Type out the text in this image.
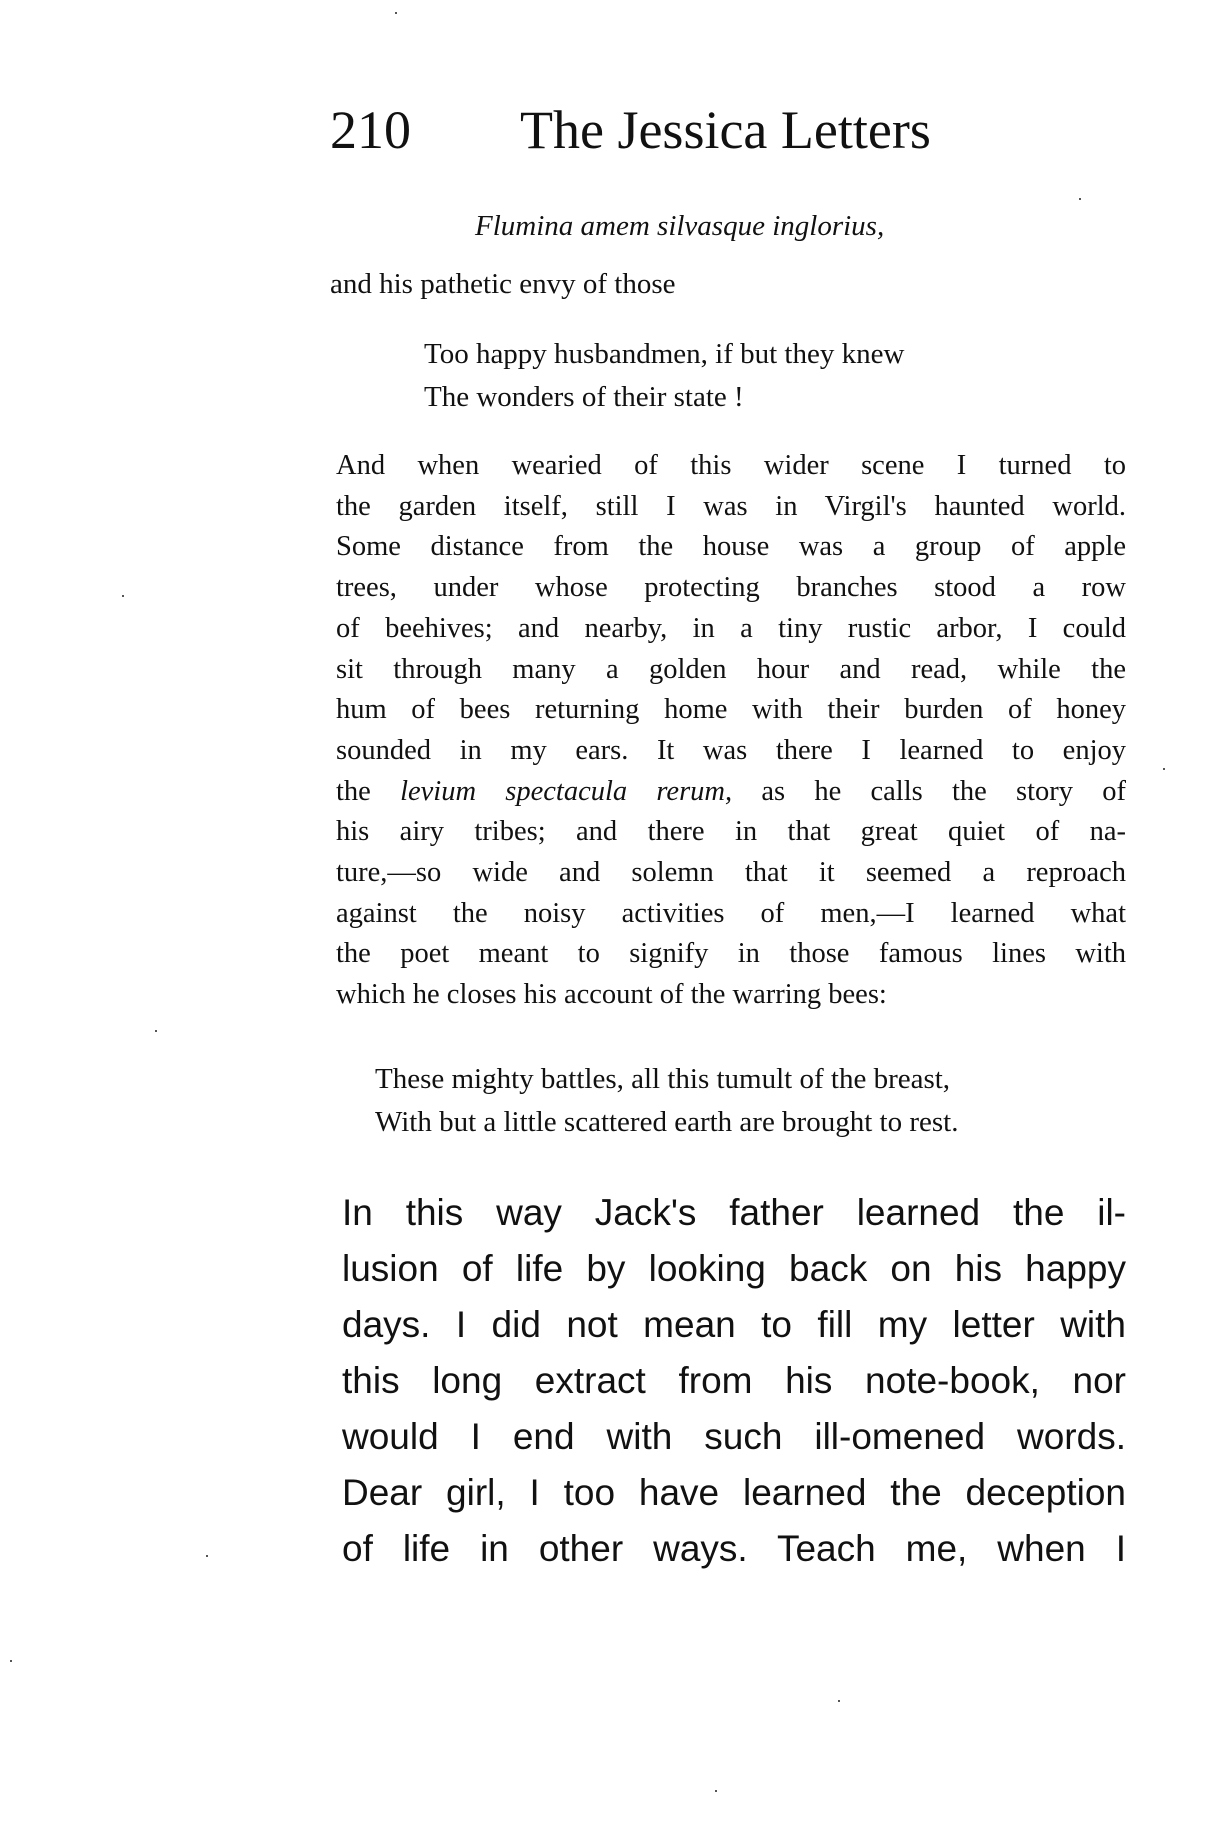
210 The Jessica Letters
Flumina amem silvasque inglorius,
and his pathetic envy of those
Too happy husbandmen, if but they knew
The wonders of their state !
And when wearied of this wider scene I turned to
the garden itself, still I was in Virgil's haunted world.
Some distance from the house was a group of apple
trees, under whose protecting branches stood a row
of beehives; and nearby, in a tiny rustic arbor, I could
sit through many a golden hour and read, while the
hum of bees returning home with their burden of honey
sounded in my ears. It was there I learned to enjoy
the levium spectacula rerum, as he calls the story of
his airy tribes; and there in that great quiet of na-
ture,—so wide and solemn that it seemed a reproach
against the noisy activities of men,—I learned what
the poet meant to signify in those famous lines with
which he closes his account of the warring bees:
These mighty battles, all this tumult of the breast,
With but a little scattered earth are brought to rest.
In this way Jack's father learned the il-
lusion of life by looking back on his happy
days. I did not mean to fill my letter with
this long extract from his note-book, nor
would I end with such ill-omened words.
Dear girl, I too have learned the deception
of life in other ways. Teach me, when I
